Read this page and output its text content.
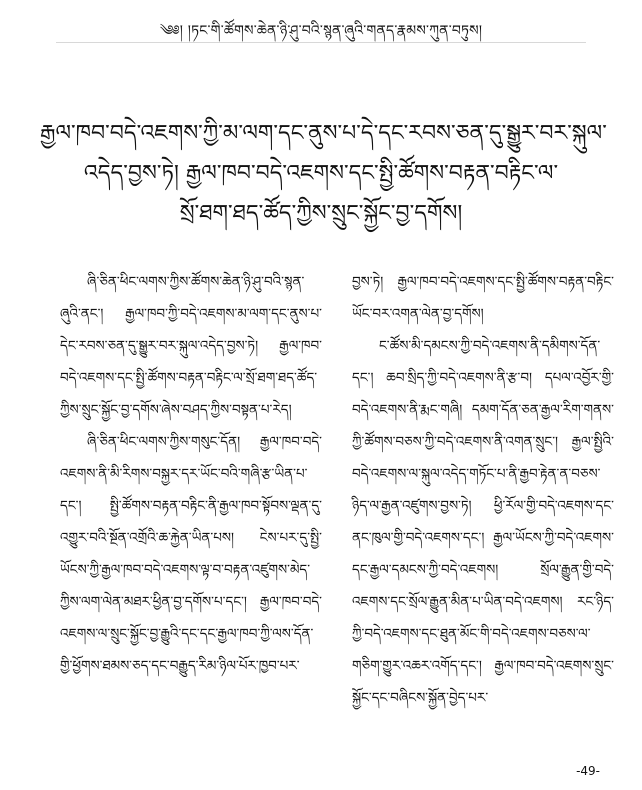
༄༅། །ཏང་གི་ཚོགས་ཆེན་ཉི་ཤུ་བའི་སྙན་ཞུའི་གནད་རྣམས་ཀུན་བཏུས།
རྒྱལ་ཁབ་བདེ་འཇགས་ཀྱི་མ་ལག་དང་ནུས་པ་དེ་དང་རབས་ཅན་དུ་སྒྱུར་བར་སྐུལ་
འདེད་བྱས་ཏེ། རྒྱལ་ཁབ་བདེ་འཇགས་དང་སྤྱི་ཚོགས་བརྟན་བརྟིང་ལ་
སྲོ་ཐག་ཐད་ཚོད་ཀྱིས་སྲུང་སྐྱོང་བྱ་དགོས།

ཞི་ཅིན་ཕིང་ལགས་ཀྱིས་ཚོགས་ཆེན་ཉི་ཤུ་བའི་སྙན་ཞུའི་ནང་། རྒྱལ་ཁབ་ཀྱི་བདེ་འཇགས་མ་ལག་དང་ནུས་པ་དེང་རབས་ཅན་དུ་སྒྱུར་བར་སྐུལ་འདེད་བྱས་ཏེ། རྒྱལ་ཁབ་བདེ་འཇགས་དང་སྤྱི་ཚོགས་བརྟན་བརྟིང་ལ་སྲོ་ཐག་ཐད་ཚོད་ཀྱིས་སྲུང་སྐྱོང་བྱ་དགོས་ཞེས་བཤད་ཀྱིས་བསྟན་པ་རེད།

ཞི་ཅིན་ཕིང་ལགས་ཀྱིས་གསུང་དོན། རྒྱལ་ཁབ་བདེ་འཇགས་ནི་མི་རིགས་བསྐྱར་དར་ཡོང་བའི་གཞི་རྩ་ཡིན་པ་དང་། སྤྱི་ཚོགས་བརྟན་བརྟིང་ནི་རྒྱལ་ཁབ་སྟོབས་ལྡན་དུ་འགྱུར་བའི་སྔོན་འགྲོའི་ཆ་རྐྱེན་ཡིན་པས། ངེས་པར་དུ་སྤྱི་ཡོངས་ཀྱི་རྒྱལ་ཁབ་བདེ་འཇགས་ལྟ་བ་བརྟན་འཛུགས་མེད་ཀྱིས་ལག་ལེན་མཐར་ཕྱིན་བྱ་དགོས་པ་དང་། རྒྱལ་ཁབ་བདེ་འཇགས་ལ་སྲུང་སྐྱོང་བྱ་རྒྱུའི་དང་དང་རྒྱལ་ཁབ་ཀྱི་ལས་དོན་གྱི་ཕྱོགས་ཐམས་ཅད་དང་བརྒྱུད་རིམ་ཉིལ་པོར་ཁྱབ་པར་

བྱས་ཏེ། རྒྱལ་ཁབ་བདེ་འཇགས་དང་སྤྱི་ཚོགས་བརྟན་བརྟིང་ཡོང་བར་འགན་ལེན་བྱ་དགོས།

ང་ཚོས་མི་དམངས་ཀྱི་བདེ་འཇགས་ནི་དམིགས་དོན་དང་། ཆབ་སྲིད་ཀྱི་བདེ་འཇགས་ནི་རྩ་བ། དཔལ་འབྱོར་གྱི་བདེ་འཇགས་ནི་རྨང་གཞི། དམག་དོན་ཅན་རྒྱལ་རིག་གནས་ཀྱི་ཚོགས་བཅས་ཀྱི་བདེ་འཇགས་ནི་འགན་སྲུང་། རྒྱལ་སྤྱིའི་བདེ་འཇགས་ལ་སྐུལ་འདེད་གཏོང་པ་ནི་རྒྱབ་རྟེན་ན་བཅས་ཉིད་ལ་རྒྱན་འཛུགས་བྱས་ཏེ། ཕྱི་རོལ་གྱི་བདེ་འཇགས་དང་ནང་ཁུལ་གྱི་བདེ་འཇགས་དང་། རྒྱལ་ཡོངས་ཀྱི་བདེ་འཇགས་དང་རྒྱལ་དམངས་ཀྱི་བདེ་འཇགས། སྲོལ་རྒྱུན་གྱི་བདེ་འཇགས་དང་སྲོལ་རྒྱུན་མིན་པ་ཡིན་བདེ་འཇགས། རང་ཉིད་ཀྱི་བདེ་འཇགས་དང་ཐུན་མོང་གི་བདེ་འཇགས་བཅས་ལ་གཅིག་གྱུར་འཆར་འགོད་དང་། རྒྱལ་ཁབ་བདེ་འཇགས་སྲུང་སྐྱོང་དང་བཞིངས་སྐྱོན་བྱེད་པར་

-49-
